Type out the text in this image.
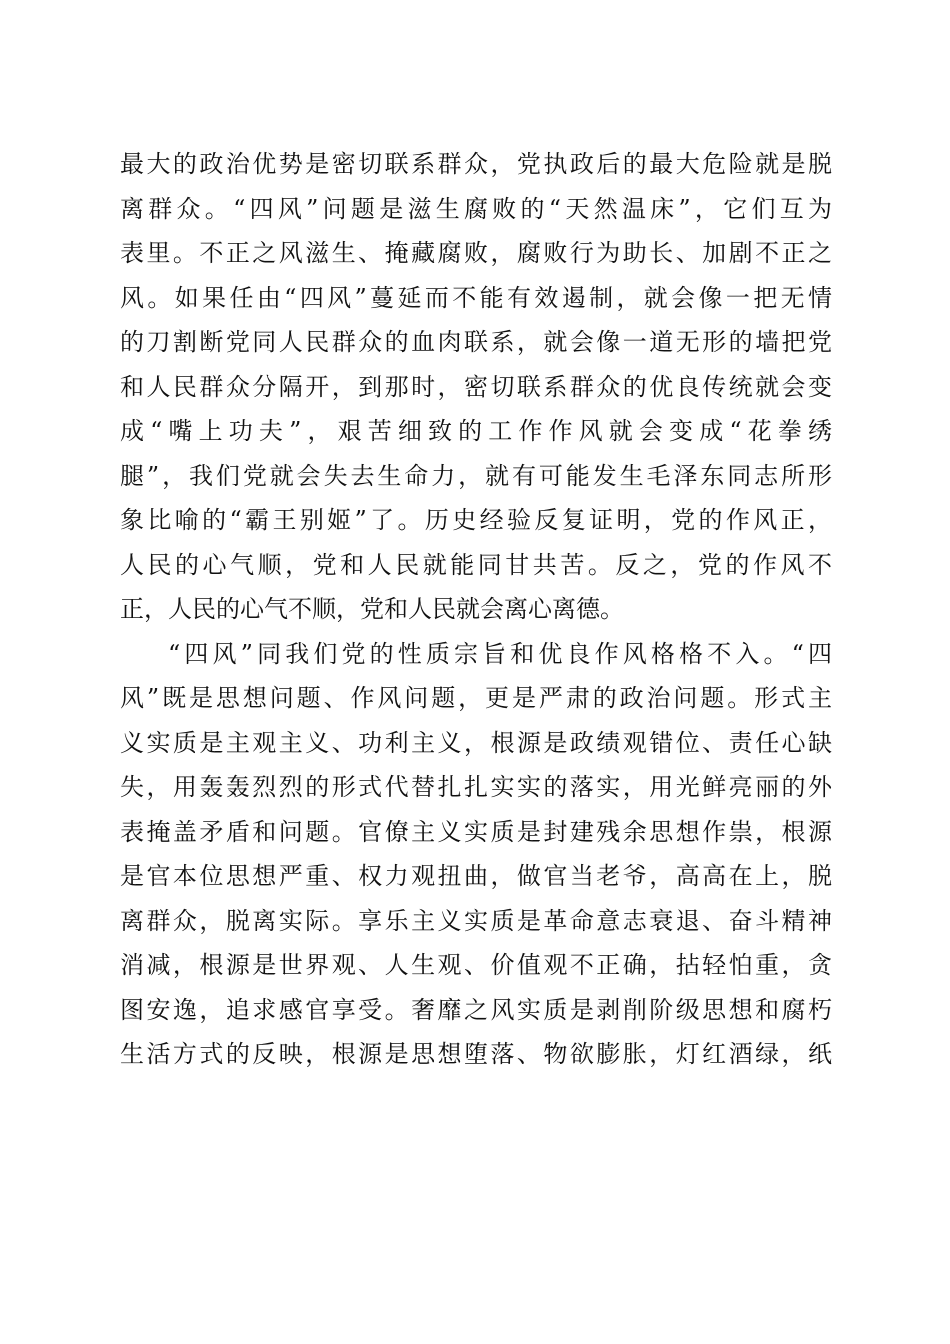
最大的政治优势是密切联系群众，党执政后的最大危险就是脱
离群众。“四风”问题是滋生腐败的“天然温床”，它们互为
表里。不正之风滋生、掩藏腐败，腐败行为助长、加剧不正之
风。如果任由“四风”蔓延而不能有效遏制，就会像一把无情
的刀割断党同人民群众的血肉联系，就会像一道无形的墙把党
和人民群众分隔开，到那时，密切联系群众的优良传统就会变
成“嘴上功夫”，艰苦细致的工作作风就会变成“花拳绣
腿”，我们党就会失去生命力，就有可能发生毛泽东同志所形
象比喻的“霸王别姬”了。历史经验反复证明，党的作风正，
人民的心气顺，党和人民就能同甘共苦。反之，党的作风不
正，人民的心气不顺，党和人民就会离心离德。
“四风”同我们党的性质宗旨和优良作风格格不入。“四
风”既是思想问题、作风问题，更是严肃的政治问题。形式主
义实质是主观主义、功利主义，根源是政绩观错位、责任心缺
失，用轰轰烈烈的形式代替扎扎实实的落实，用光鲜亮丽的外
表掩盖矛盾和问题。官僚主义实质是封建残余思想作祟，根源
是官本位思想严重、权力观扭曲，做官当老爷，高高在上，脱
离群众，脱离实际。享乐主义实质是革命意志衰退、奋斗精神
消减，根源是世界观、人生观、价值观不正确，拈轻怕重，贪
图安逸，追求感官享受。奢靡之风实质是剥削阶级思想和腐朽
生活方式的反映，根源是思想堕落、物欲膨胀，灯红酒绿，纸
